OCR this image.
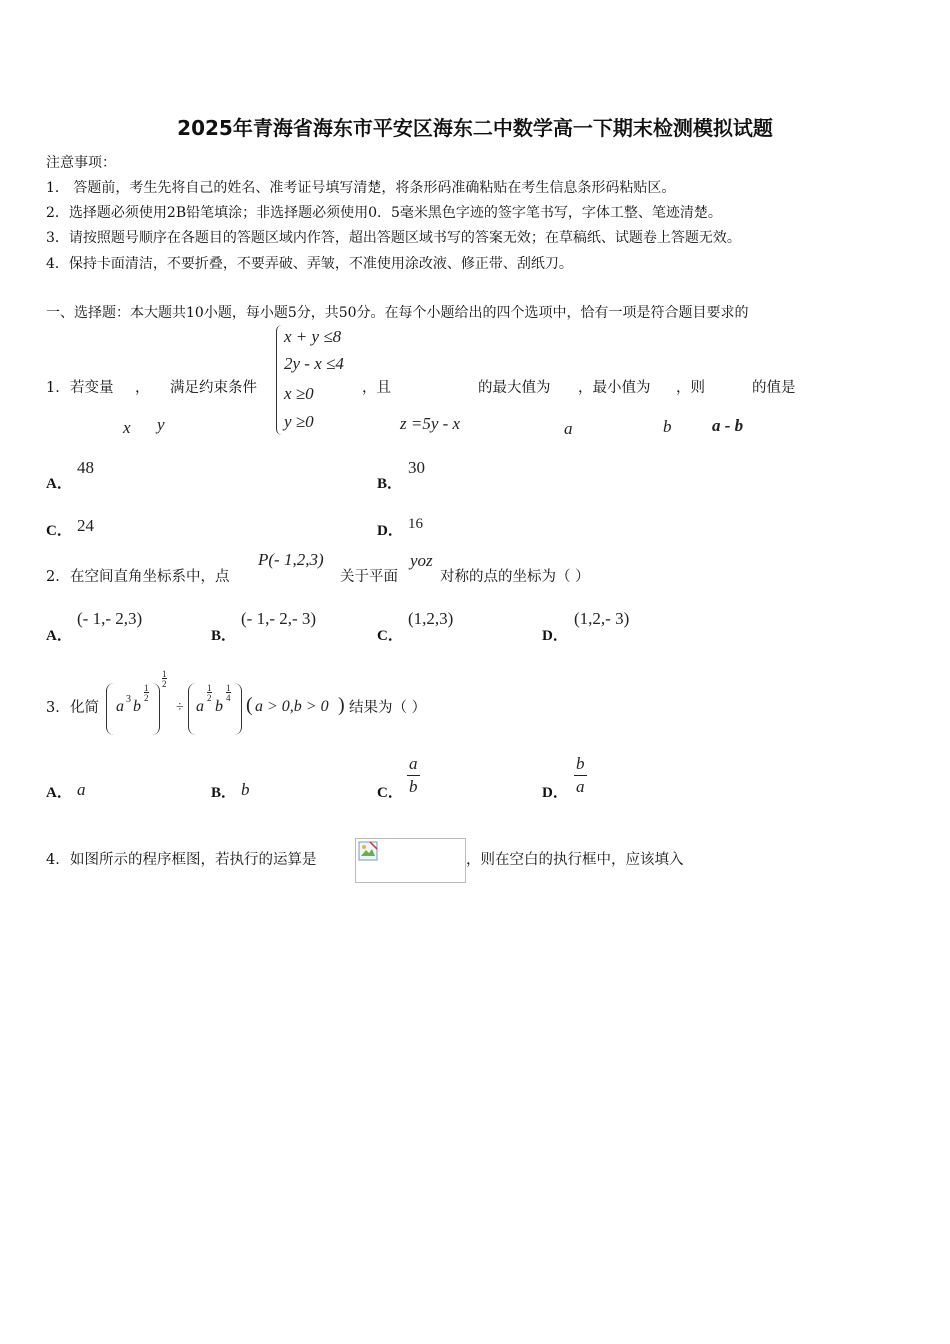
2025年青海省海东市平安区海东二中数学高一下期末检测模拟试题
注意事项：
1． 答题前，考生先将自己的姓名、准考证号填写清楚，将条形码准确粘贴在考生信息条形码粘贴区。
2．选择题必须使用2B铅笔填涂；非选择题必须使用0．5毫米黑色字迹的签字笔书写，字体工整、笔迹清楚。
3．请按照题号顺序在各题目的答题区域内作答，超出答题区域书写的答案无效；在草稿纸、试题卷上答题无效。
4．保持卡面清洁，不要折叠，不要弄破、弄皱，不准使用涂改液、修正带、刮纸刀。
一、选择题：本大题共10小题，每小题5分，共50分。在每个小题给出的四个选项中，恰有一项是符合题目要求的
1． 若变量 ， 满足约束条件
x y
x + y ≤8
2y - x ≤4
x ≥0
y ≥0
，且
z =5y - x
的最大值为
a
，最小值为
b
，则
a - b
的值是
A．
48
B．
30
C． 24	D． 16
2． 在空间直角坐标系中，点
P(- 1,2,3)
关于平面
yoz
对称的点的坐标为（ ）
A．
(- 1,- 2,3)
B．
(- 1,- 2,- 3)
C．
(1,2,3)
D．
(1,2,- 3)
3． 化简 a 3 b
$\frac{1}{2}$
$\frac{1}{2}$
÷ a
$\frac{1}{2}$
b
$\frac{1}{4}$
( a > 0,b > 0 ) 结果为（ ）
A． a	B． b	C． $\frac{a}{b}$	D． $\frac{b}{a}$
4． 如图所示的程序框图，若执行的运算是	，则在空白的执行框中，应该填入
